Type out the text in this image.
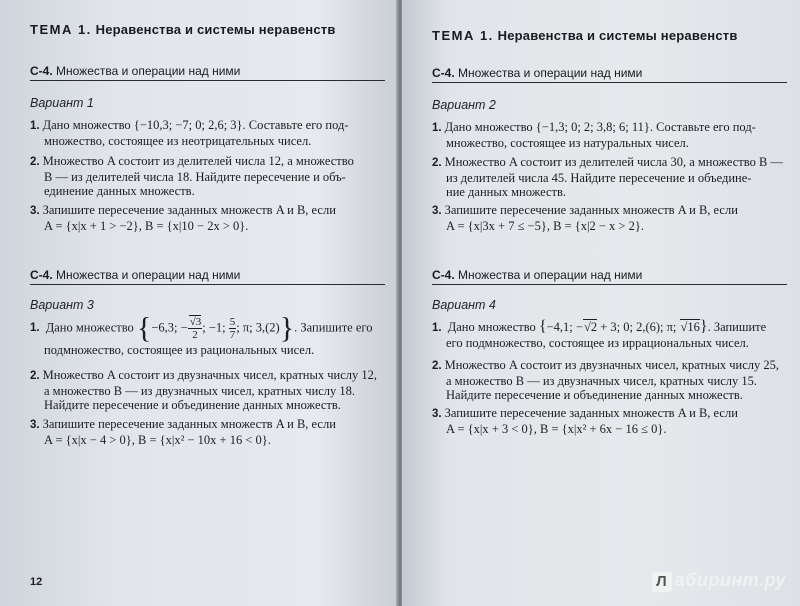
ТЕМА 1. Неравенства и системы неравенств
С-4. Множества и операции над ними
Вариант 1
1. Дано множество {−10,3; −7; 0; 2,6; 3}. Составьте его под-
множество, состоящее из неотрицательных чисел.
2. Множество A состоит из делителей числа 12, а множество
B — из делителей числа 18. Найдите пересечение и объ-
единение данных множеств.
3. Запишите пересечение заданных множеств A и B, если
A = {x|x + 1 > −2}, B = {x|10 − 2x > 0}.
С-4. Множества и операции над ними
Вариант 3
1. Дано множество {−6,3; − $\frac{√3}{2}$ ; −1; $\frac{5}{7}$ ; π; 3,(2)}. Запишите его
подмножество, состоящее из рациональных чисел.
2. Множество A состоит из двузначных чисел, кратных числу 12,
а множество B — из двузначных чисел, кратных числу 18.
Найдите пересечение и объединение данных множеств.
3. Запишите пересечение заданных множеств A и B, если
A = {x|x − 4 > 0}, B = {x|x² − 10x + 16 < 0}.
12
ТЕМА 1. Неравенства и системы неравенств
С-4. Множества и операции над ними
Вариант 2
1. Дано множество {−1,3; 0; 2; 3,8; 6; 11}. Составьте его под-
множество, состоящее из натуральных чисел.
2. Множество A состоит из делителей числа 30, а множество B —
из делителей числа 45. Найдите пересечение и объедине-
ние данных множеств.
3. Запишите пересечение заданных множеств A и B, если
A = {x|3x + 7 ≤ −5}, B = {x|2 − x > 2}.
С-4. Множества и операции над ними
Вариант 4
1. Дано множество {−4,1; −√2 + 3; 0; 2,(6); π; √16}. Запишите
его подмножество, состоящее из иррациональных чисел.
2. Множество A состоит из двузначных чисел, кратных числу 25,
а множество B — из двузначных чисел, кратных числу 15.
Найдите пересечение и объединение данных множеств.
3. Запишите пересечение заданных множеств A и B, если
A = {x|x + 3 < 0}, B = {x|x² + 6x − 16 ≤ 0}.
Л абиринт.ру
